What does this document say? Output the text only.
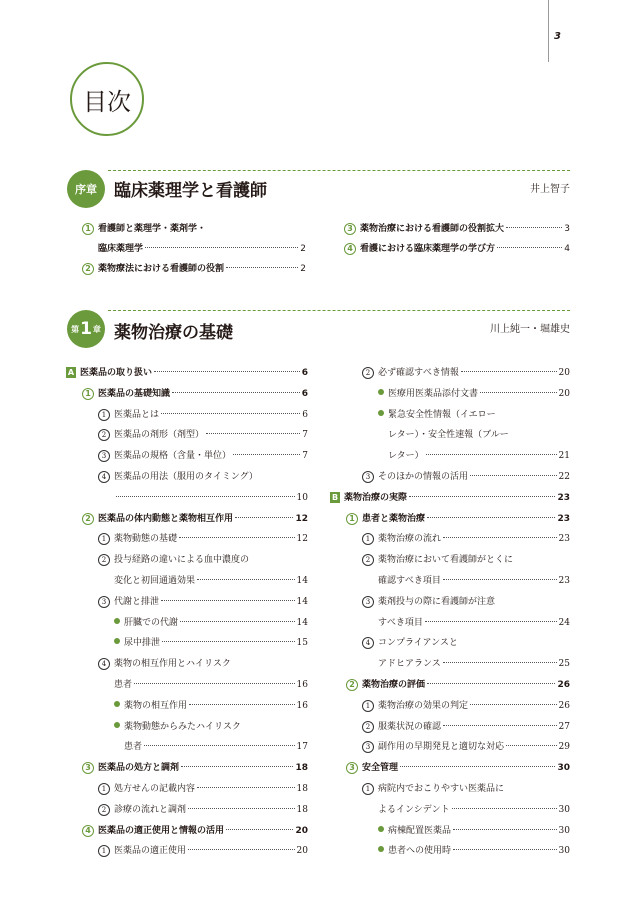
3
目次
序章 臨床薬理学と看護師	井上智子
1 看護師と薬理学・薬剤学・
臨床薬理学	2
2 薬物療法における看護師の役割	2
3 薬物治療における看護師の役割拡大	3
4 看護における臨床薬理学の学び方	4
第 1 章 薬物治療の基礎	川上純一・堀雄史
A 医薬品の取り扱い	6
1 医薬品の基礎知識	6
1 医薬品とは	6
2 医薬品の剤形（剤型）	7
3 医薬品の規格（含量・単位）	7
4 医薬品の用法（服用のタイミング）
10
2 医薬品の体内動態と薬物相互作用	12
1 薬物動態の基礎	12
2 投与経路の違いによる血中濃度の
変化と初回通過効果	14
3 代謝と排泄	14
肝臓での代謝	14
尿中排泄	15
4 薬物の相互作用とハイリスク
患者	16
薬物の相互作用	16
薬物動態からみたハイリスク
患者	17
3 医薬品の処方と調剤	18
1 処方せんの記載内容	18
2 診療の流れと調剤	18
4 医薬品の適正使用と情報の活用	20
1 医薬品の適正使用	20
2 必ず確認すべき情報	20
医療用医薬品添付文書	20
緊急安全性情報（イエロー
レター）・安全性速報（ブルー
レター）	21
3 そのほかの情報の活用	22
B 薬物治療の実際	23
1 患者と薬物治療	23
1 薬物治療の流れ	23
2 薬物治療において看護師がとくに
確認すべき項目	23
3 薬剤投与の際に看護師が注意
すべき項目	24
4 コンプライアンスと
アドヒアランス	25
2 薬物治療の評価	26
1 薬物治療の効果の判定	26
2 服薬状況の確認	27
3 副作用の早期発見と適切な対応	29
3 安全管理	30
1 病院内でおこりやすい医薬品に
よるインシデント	30
病棟配置医薬品	30
患者への使用時	30
